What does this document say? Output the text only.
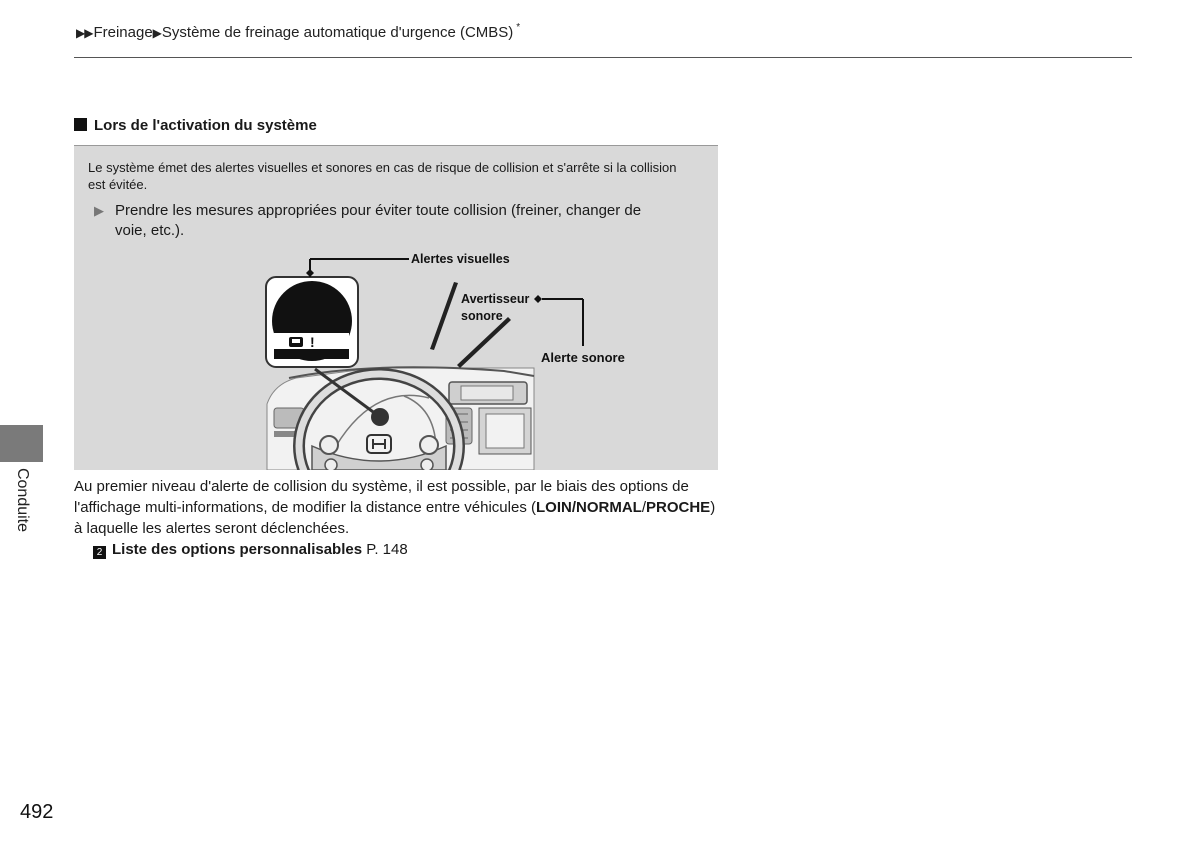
▶▶Freinage▶Système de freinage automatique d'urgence (CMBS) *
Lors de l'activation du système
Le système émet des alertes visuelles et sonores en cas de risque de collision et s'arrête si la collision est évitée.
▶ Prendre les mesures appropriées pour éviter toute collision (freiner, changer de voie, etc.).
!
Alertes visuelles
Avertisseur
sonore
Alerte sonore
Au premier niveau d'alerte de collision du système, il est possible, par le biais des options de l'affichage multi-informations, de modifier la distance entre véhicules (LOIN/NORMAL/PROCHE) à laquelle les alertes seront déclenchées.
2 Liste des options personnalisables P. 148
Conduite
492
